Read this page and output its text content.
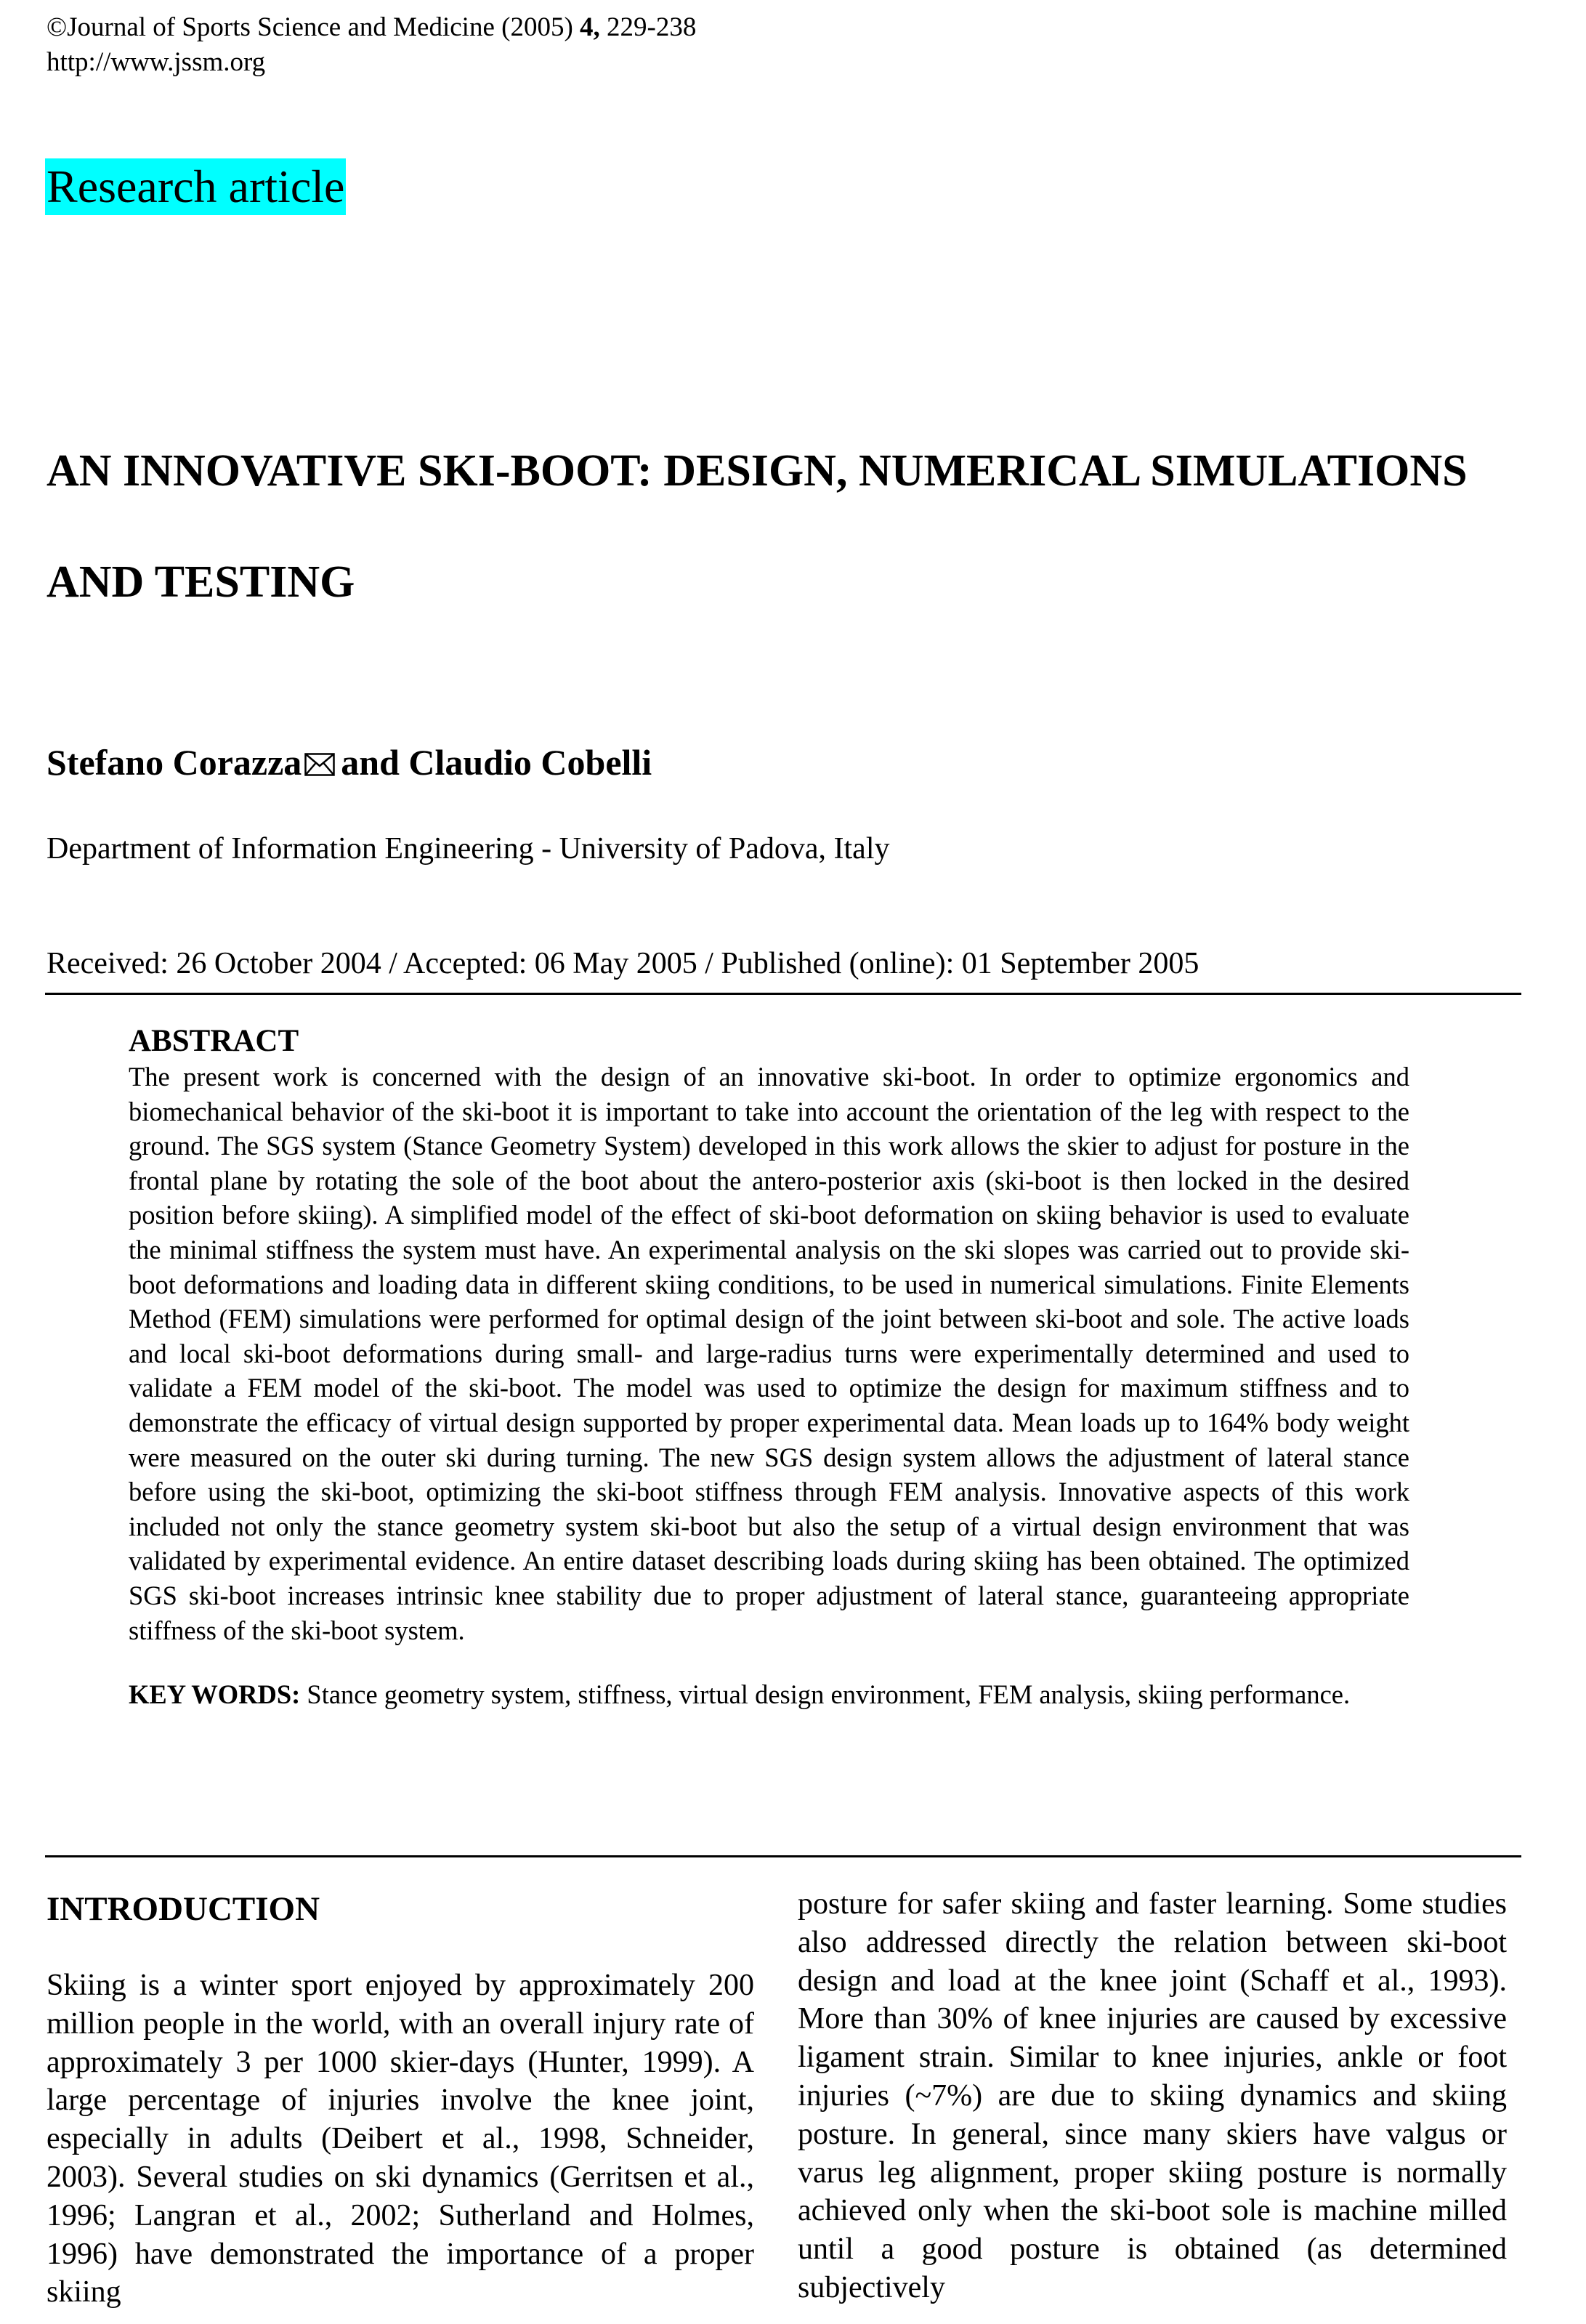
©Journal of Sports Science and Medicine (2005) 4, 229-238
http://www.jssm.org
Research article
AN INNOVATIVE SKI-BOOT: DESIGN, NUMERICAL SIMULATIONS AND TESTING
Stefano Corazza and Claudio Cobelli
Department of Information Engineering - University of Padova, Italy
Received: 26 October 2004 / Accepted: 06 May 2005 / Published (online): 01 September 2005
ABSTRACT

The present work is concerned with the design of an innovative ski-boot. In order to optimize ergonomics and biomechanical behavior of the ski-boot it is important to take into account the orientation of the leg with respect to the ground. The SGS system (Stance Geometry System) developed in this work allows the skier to adjust for posture in the frontal plane by rotating the sole of the boot about the antero-posterior axis (ski-boot is then locked in the desired position before skiing). A simplified model of the effect of ski-boot deformation on skiing behavior is used to evaluate the minimal stiffness the system must have. An experimental analysis on the ski slopes was carried out to provide ski-boot deformations and loading data in different skiing conditions, to be used in numerical simulations. Finite Elements Method (FEM) simulations were performed for optimal design of the joint between ski-boot and sole. The active loads and local ski-boot deformations during small- and large-radius turns were experimentally determined and used to validate a FEM model of the ski-boot. The model was used to optimize the design for maximum stiffness and to demonstrate the efficacy of virtual design supported by proper experimental data. Mean loads up to 164% body weight were measured on the outer ski during turning. The new SGS design system allows the adjustment of lateral stance before using the ski-boot, optimizing the ski-boot stiffness through FEM analysis. Innovative aspects of this work included not only the stance geometry system ski-boot but also the setup of a virtual design environment that was validated by experimental evidence. An entire dataset describing loads during skiing has been obtained. The optimized SGS ski-boot increases intrinsic knee stability due to proper adjustment of lateral stance, guaranteeing appropriate stiffness of the ski-boot system.

KEY WORDS: Stance geometry system, stiffness, virtual design environment, FEM analysis, skiing performance.

INTRODUCTION

Skiing is a winter sport enjoyed by approximately 200 million people in the world, with an overall injury rate of approximately 3 per 1000 skier-days (Hunter, 1999). A large percentage of injuries involve the knee joint, especially in adults (Deibert et al., 1998, Schneider, 2003). Several studies on ski dynamics (Gerritsen et al., 1996; Langran et al., 2002; Sutherland and Holmes, 1996) have demonstrated the importance of a proper skiing

posture for safer skiing and faster learning. Some studies also addressed directly the relation between ski-boot design and load at the knee joint (Schaff et al., 1993). More than 30% of knee injuries are caused by excessive ligament strain. Similar to knee injuries, ankle or foot injuries (~7%) are due to skiing dynamics and skiing posture. In general, since many skiers have valgus or varus leg alignment, proper skiing posture is normally achieved only when the ski-boot sole is machine milled until a good posture is obtained (as determined subjectively
